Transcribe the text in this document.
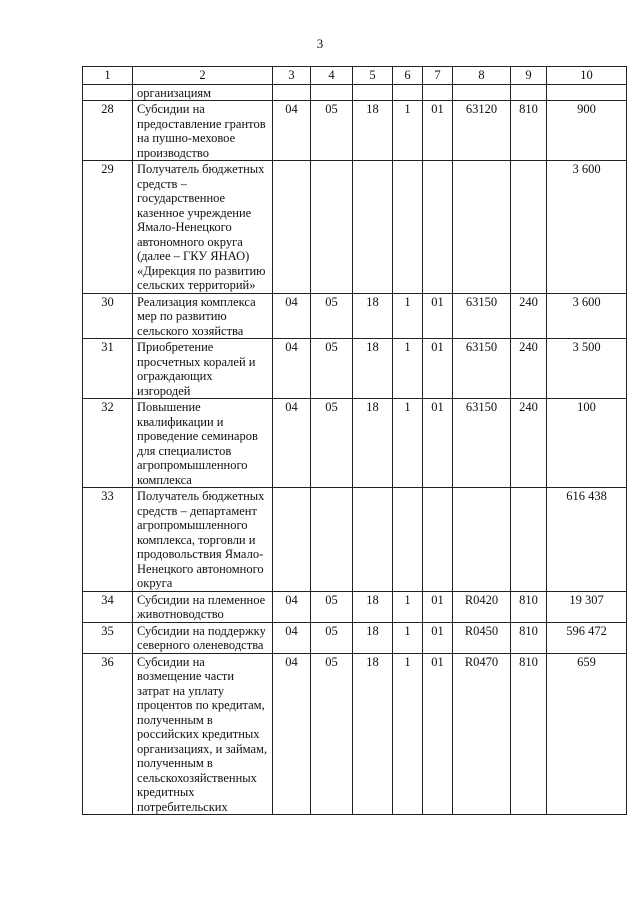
3
1	2	3	4	5	6	7	8	9	10
	организациям								
28	Субсидии на предоставление грантов на пушно-меховое производство	04	05	18	1	01	63120	810	900
29	Получатель бюджетных средств – государственное казенное учреждение Ямало-Ненецкого автономного округа (далее – ГКУ ЯНАО) «Дирекция по развитию сельских территорий»								3 600
30	Реализация комплекса мер по развитию сельского хозяйства	04	05	18	1	01	63150	240	3 600
31	Приобретение просчетных коралей и ограждающих изгородей	04	05	18	1	01	63150	240	3 500
32	Повышение квалификации и проведение семинаров для специалистов агропромышленного комплекса	04	05	18	1	01	63150	240	100
33	Получатель бюджетных средств – департамент агропромышленного комплекса, торговли и продовольствия Ямало-Ненецкого автономного округа								616 438
34	Субсидии на племенное животноводство	04	05	18	1	01	R0420	810	19 307
35	Субсидии на поддержку северного оленеводства	04	05	18	1	01	R0450	810	596 472
36	Субсидии на возмещение части затрат на уплату процентов по кредитам, полученным в российских кредитных организациях, и займам, полученным в сельскохозяйственных кредитных потребительских	04	05	18	1	01	R0470	810	659
